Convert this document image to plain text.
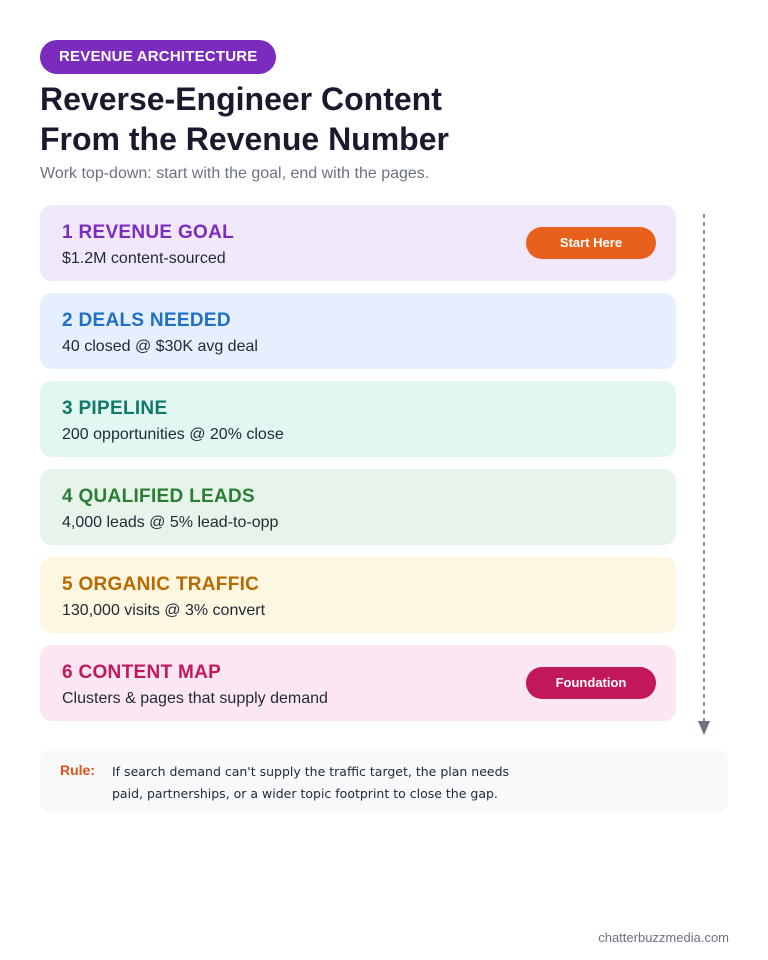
REVENUE ARCHITECTURE
Reverse-Engineer Content
From the Revenue Number
Work top-down: start with the goal, end with the pages.
1 REVENUE GOAL
$1.2M content-sourced
Start Here
2 DEALS NEEDED
40 closed @ $30K avg deal
3 PIPELINE
200 opportunities @ 20% close
4 QUALIFIED LEADS
4,000 leads @ 5% lead-to-opp
5 ORGANIC TRAFFIC
130,000 visits @ 3% convert
6 CONTENT MAP
Clusters & pages that supply demand
Foundation
Rule: If search demand can't supply the traffic target, the plan needs
paid, partnerships, or a wider topic footprint to close the gap.
chatterbuzzmedia.com
